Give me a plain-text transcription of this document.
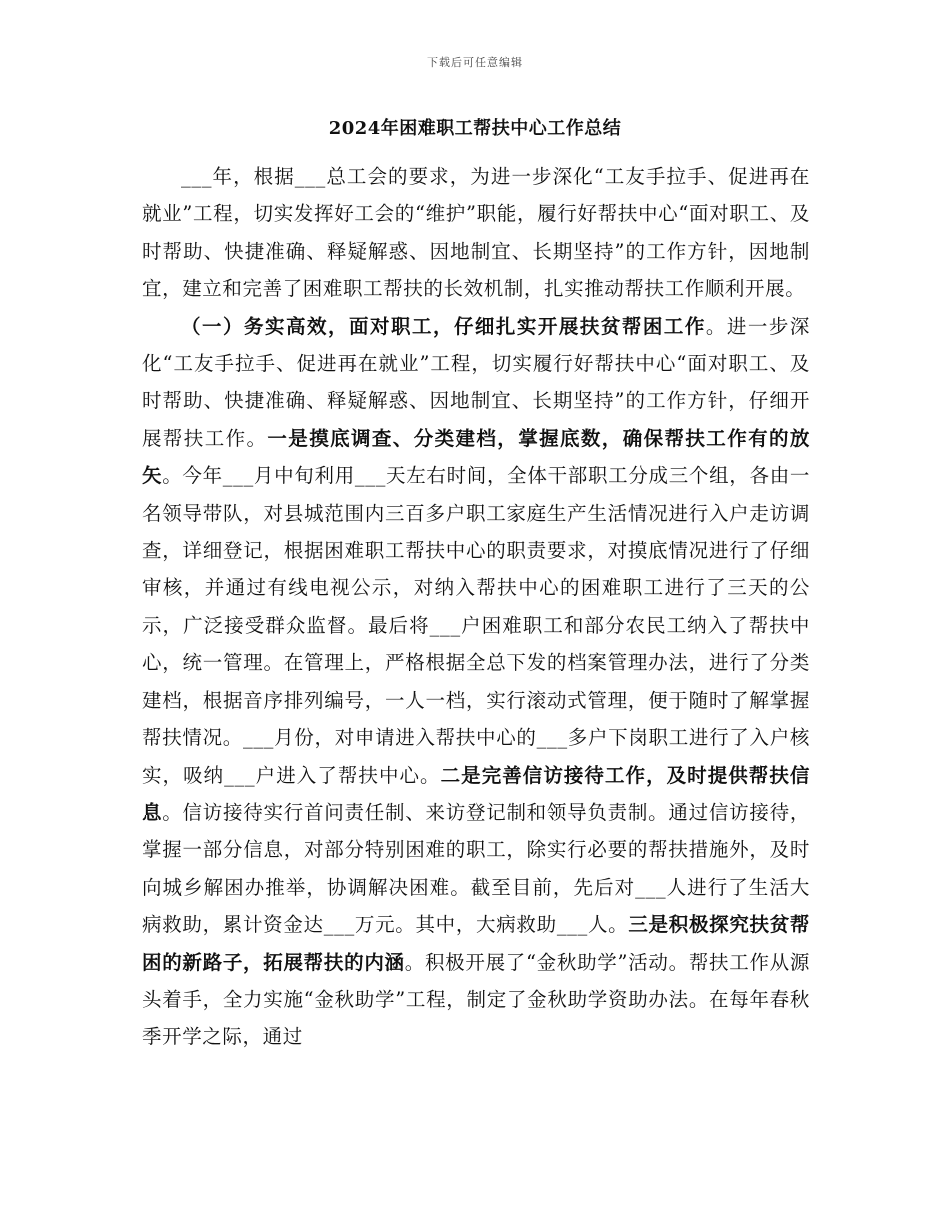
下载后可任意编辑
2024年困难职工帮扶中心工作总结

___年，根据___总工会的要求，为进一步深化“工友手拉手、促进再在就业”工程，切实发挥好工会的“维护”职能，履行好帮扶中心“面对职工、及时帮助、快捷准确、释疑解惑、因地制宜、长期坚持”的工作方针，因地制宜，建立和完善了困难职工帮扶的长效机制，扎实推动帮扶工作顺利开展。

（一）务实高效，面对职工，仔细扎实开展扶贫帮困工作。进一步深化“工友手拉手、促进再在就业”工程，切实履行好帮扶中心“面对职工、及时帮助、快捷准确、释疑解惑、因地制宜、长期坚持”的工作方针，仔细开展帮扶工作。一是摸底调查、分类建档，掌握底数，确保帮扶工作有的放矢。今年___月中旬利用___天左右时间，全体干部职工分成三个组，各由一名领导带队，对县城范围内三百多户职工家庭生产生活情况进行入户走访调查，详细登记，根据困难职工帮扶中心的职责要求，对摸底情况进行了仔细审核，并通过有线电视公示，对纳入帮扶中心的困难职工进行了三天的公示，广泛接受群众监督。最后将___户困难职工和部分农民工纳入了帮扶中心，统一管理。在管理上，严格根据全总下发的档案管理办法，进行了分类建档，根据音序排列编号，一人一档，实行滚动式管理，便于随时了解掌握帮扶情况。___月份，对申请进入帮扶中心的___多户下岗职工进行了入户核实，吸纳___户进入了帮扶中心。二是完善信访接待工作，及时提供帮扶信息。信访接待实行首问责任制、来访登记制和领导负责制。通过信访接待，掌握一部分信息，对部分特别困难的职工，除实行必要的帮扶措施外，及时向城乡解困办推举，协调解决困难。截至目前，先后对___人进行了生活大病救助，累计资金达___万元。其中，大病救助___人。三是积极探究扶贫帮困的新路子，拓展帮扶的内涵。积极开展了“金秋助学”活动。帮扶工作从源头着手，全力实施“金秋助学”工程，制定了金秋助学资助办法。在每年春秋季开学之际，通过
